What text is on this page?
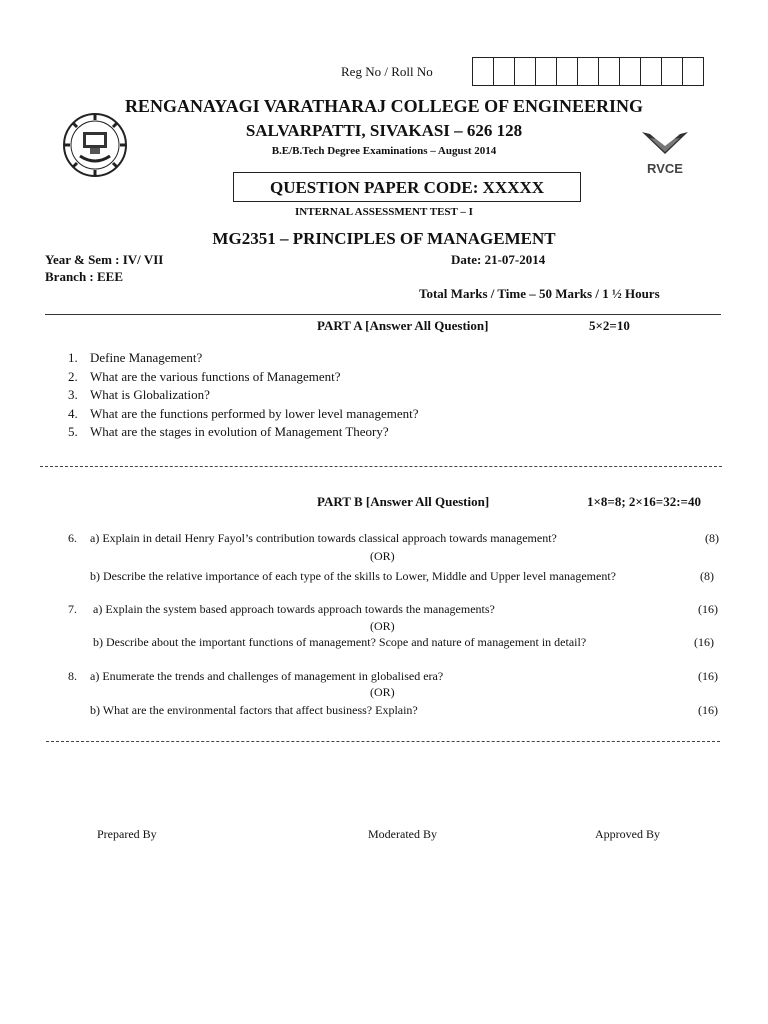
Reg No / Roll No
RENGANAYAGI VARATHARAJ COLLEGE OF ENGINEERING
SALVARPATTI, SIVAKASI – 626 128
B.E/B.Tech Degree Examinations – August 2014
RVCE
QUESTION PAPER CODE: XXXXX
INTERNAL ASSESSMENT TEST – I
MG2351 – PRINCIPLES OF MANAGEMENT
Year & Sem : IV/ VII
Branch : EEE
Date: 21-07-2014
Total Marks / Time – 50 Marks / 1 ½ Hours
PART A [Answer All Question]	5×2=10
1. Define Management?
2. What are the various functions of Management?
3. What is Globalization?
4. What are the functions performed by lower level management?
5. What are the stages in evolution of Management Theory?
PART B [Answer All Question]	1×8=8; 2×16=32:=40
6. a) Explain in detail Henry Fayol’s contribution towards classical approach towards management?	(8)
(OR)
b) Describe the relative importance of each type of the skills to Lower, Middle and Upper level management?	(8)
7. a) Explain the system based approach towards approach towards the managements?	(16)
(OR)
b) Describe about the important functions of management? Scope and nature of management in detail?	(16)
8. a) Enumerate the trends and challenges of management in globalised era?	(16)
(OR)
b) What are the environmental factors that affect business? Explain?	(16)
Prepared By	Moderated By	Approved By
